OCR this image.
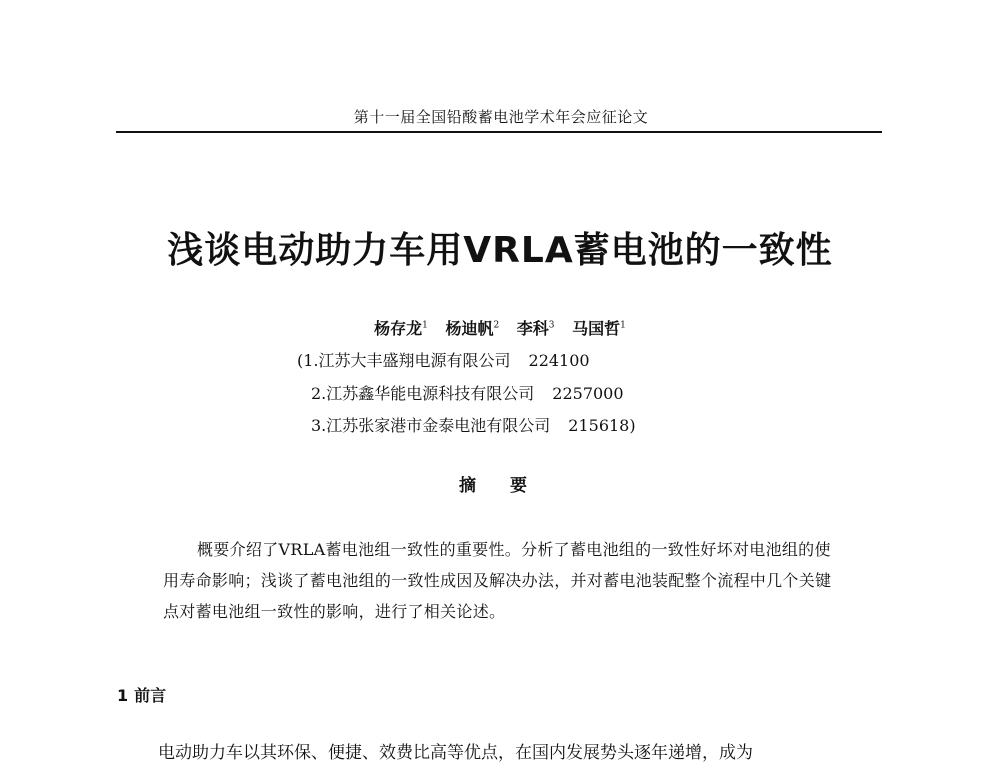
第十一届全国铅酸蓄电池学术年会应征论文
浅谈电动助力车用VRLA蓄电池的一致性
杨存龙$^1$ 杨迪帆$^2$ 李科$^3$ 马国哲$^1$
(1.江苏大丰盛翔电源有限公司 224100
2.江苏鑫华能电源科技有限公司 2257000
3.江苏张家港市金泰电池有限公司 215618)
摘 要

概要介绍了VRLA蓄电池组一致性的重要性。分析了蓄电池组的一致性好坏对电池组的使用寿命影响；浅谈了蓄电池组的一致性成因及解决办法，并对蓄电池装配整个流程中几个关键点对蓄电池组一致性的影响，进行了相关论述。

1 前言

电动助力车以其环保、便捷、效费比高等优点，在国内发展势头逐年递增，成为
